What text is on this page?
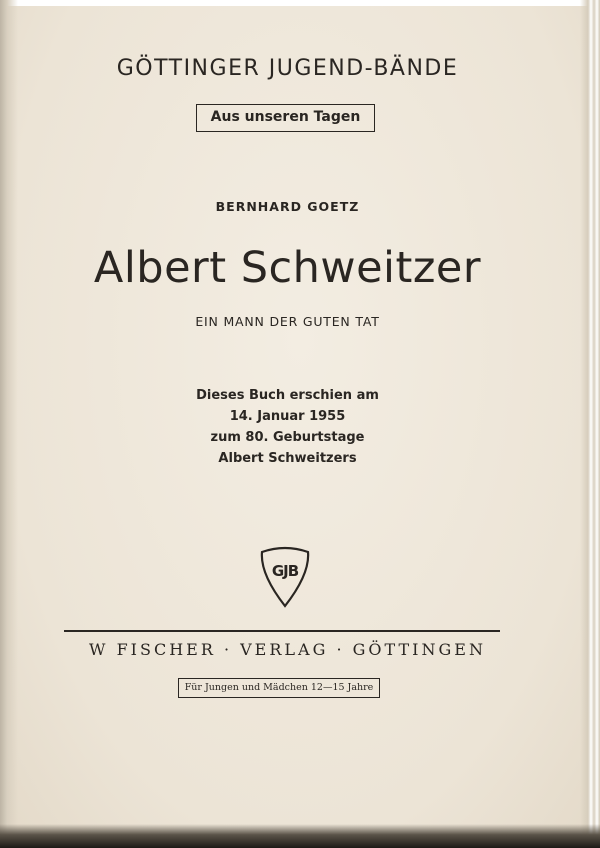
GÖTTINGER JUGEND-BÄNDE
Aus unseren Tagen
BERNHARD GOETZ
Albert Schweitzer
EIN MANN DER GUTEN TAT
Dieses Buch erschien am
14. Januar 1955
zum 80. Geburtstage
Albert Schweitzers
GJB
W FISCHER · VERLAG · GÖTTINGEN
Für Jungen und Mädchen 12—15 Jahre
